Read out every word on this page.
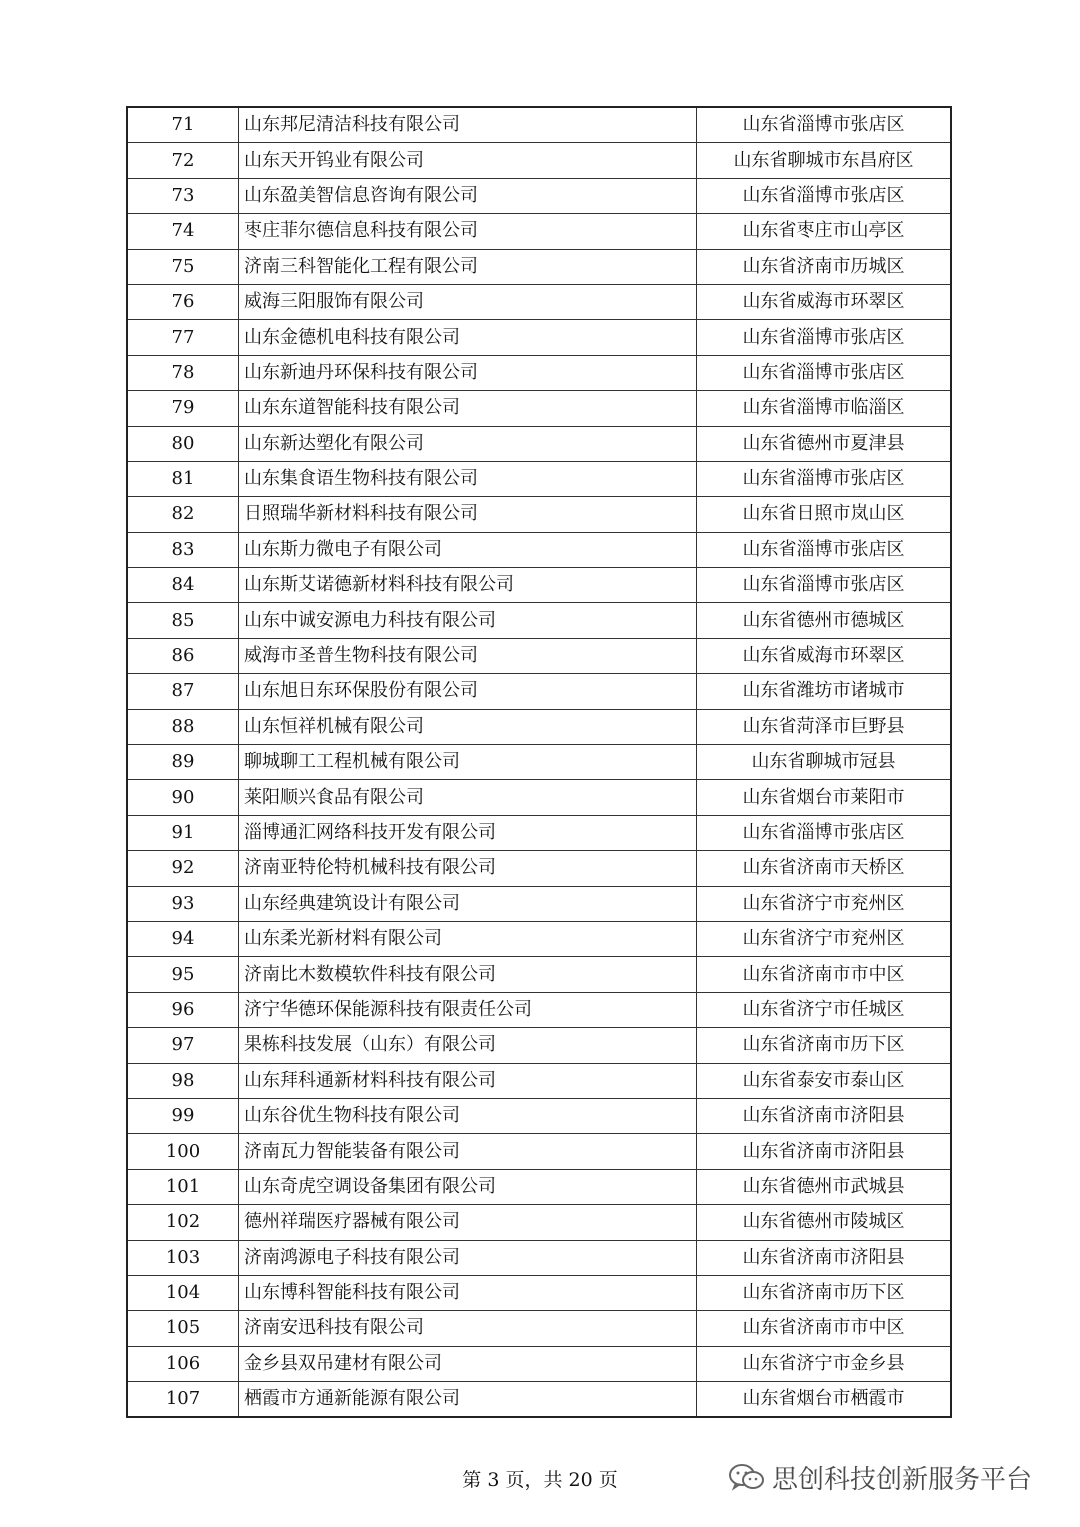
71	山东邦尼清洁科技有限公司	山东省淄博市张店区
72	山东天开钨业有限公司	山东省聊城市东昌府区
73	山东盈美智信息咨询有限公司	山东省淄博市张店区
74	枣庄菲尔德信息科技有限公司	山东省枣庄市山亭区
75	济南三科智能化工程有限公司	山东省济南市历城区
76	威海三阳服饰有限公司	山东省威海市环翠区
77	山东金德机电科技有限公司	山东省淄博市张店区
78	山东新迪丹环保科技有限公司	山东省淄博市张店区
79	山东东道智能科技有限公司	山东省淄博市临淄区
80	山东新达塑化有限公司	山东省德州市夏津县
81	山东集食语生物科技有限公司	山东省淄博市张店区
82	日照瑞华新材料科技有限公司	山东省日照市岚山区
83	山东斯力微电子有限公司	山东省淄博市张店区
84	山东斯艾诺德新材料科技有限公司	山东省淄博市张店区
85	山东中诚安源电力科技有限公司	山东省德州市德城区
86	威海市圣普生物科技有限公司	山东省威海市环翠区
87	山东旭日东环保股份有限公司	山东省潍坊市诸城市
88	山东恒祥机械有限公司	山东省菏泽市巨野县
89	聊城聊工工程机械有限公司	山东省聊城市冠县
90	莱阳顺兴食品有限公司	山东省烟台市莱阳市
91	淄博通汇网络科技开发有限公司	山东省淄博市张店区
92	济南亚特伦特机械科技有限公司	山东省济南市天桥区
93	山东经典建筑设计有限公司	山东省济宁市兖州区
94	山东柔光新材料有限公司	山东省济宁市兖州区
95	济南比木数模软件科技有限公司	山东省济南市市中区
96	济宁华德环保能源科技有限责任公司	山东省济宁市任城区
97	果栋科技发展（山东）有限公司	山东省济南市历下区
98	山东拜科通新材料科技有限公司	山东省泰安市泰山区
99	山东谷优生物科技有限公司	山东省济南市济阳县
100	济南瓦力智能装备有限公司	山东省济南市济阳县
101	山东奇虎空调设备集团有限公司	山东省德州市武城县
102	德州祥瑞医疗器械有限公司	山东省德州市陵城区
103	济南鸿源电子科技有限公司	山东省济南市济阳县
104	山东博科智能科技有限公司	山东省济南市历下区
105	济南安迅科技有限公司	山东省济南市市中区
106	金乡县双吊建材有限公司	山东省济宁市金乡县
107	栖霞市方通新能源有限公司	山东省烟台市栖霞市
第 3 页，共 20 页	思创科技创新服务平台
